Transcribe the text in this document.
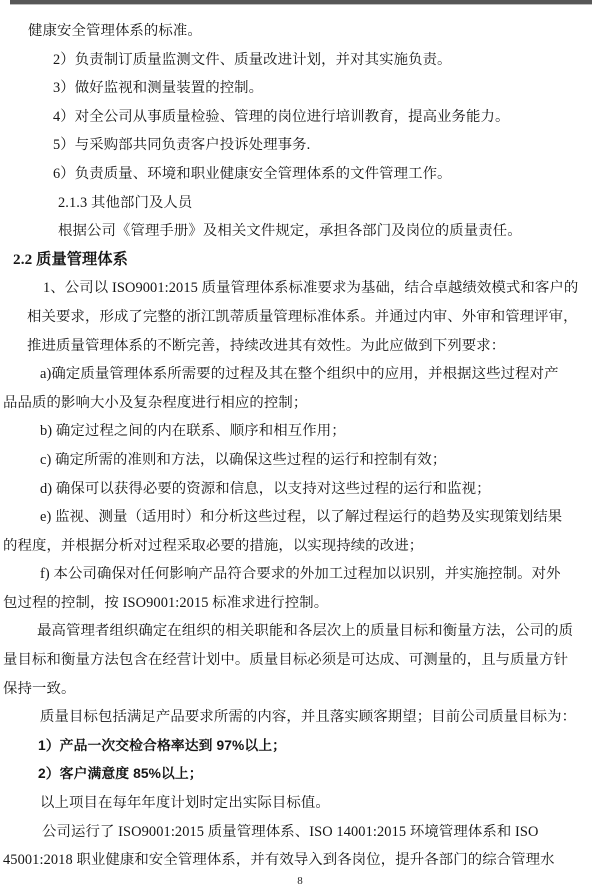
健康安全管理体系的标准。
2）负责制订质量监测文件、质量改进计划，并对其实施负责。
3）做好监视和测量装置的控制。
4）对全公司从事质量检验、管理的岗位进行培训教育，提高业务能力。
5）与采购部共同负责客户投诉处理事务.
6）负责质量、环境和职业健康安全管理体系的文件管理工作。
2.1.3 其他部门及人员
根据公司《管理手册》及相关文件规定，承担各部门及岗位的质量责任。
2.2 质量管理体系
1、公司以 ISO9001:2015 质量管理体系标准要求为基础，结合卓越绩效模式和客户的
相关要求，形成了完整的浙江凯蒂质量管理标准体系。并通过内审、外审和管理评审，
推进质量管理体系的不断完善，持续改进其有效性。为此应做到下列要求：
a)确定质量管理体系所需要的过程及其在整个组织中的应用，并根据这些过程对产
品品质的影响大小及复杂程度进行相应的控制；
b) 确定过程之间的内在联系、顺序和相互作用；
c) 确定所需的准则和方法，以确保这些过程的运行和控制有效；
d) 确保可以获得必要的资源和信息，以支持对这些过程的运行和监视；
e) 监视、测量（适用时）和分析这些过程，以了解过程运行的趋势及实现策划结果
的程度，并根据分析对过程采取必要的措施，以实现持续的改进；
f) 本公司确保对任何影响产品符合要求的外加工过程加以识别，并实施控制。对外
包过程的控制，按 ISO9001:2015 标准求进行控制。
最高管理者组织确定在组织的相关职能和各层次上的质量目标和衡量方法，公司的质
量目标和衡量方法包含在经营计划中。质量目标必须是可达成、可测量的，且与质量方针
保持一致。
质量目标包括满足产品要求所需的内容，并且落实顾客期望；目前公司质量目标为：
1）产品一次交检合格率达到 97%以上；
2）客户满意度 85%以上；
以上项目在每年年度计划时定出实际目标值。
公司运行了 ISO9001:2015 质量管理体系、ISO 14001:2015 环境管理体系和 ISO
45001:2018 职业健康和安全管理体系，并有效导入到各岗位，提升各部门的综合管理水
8
